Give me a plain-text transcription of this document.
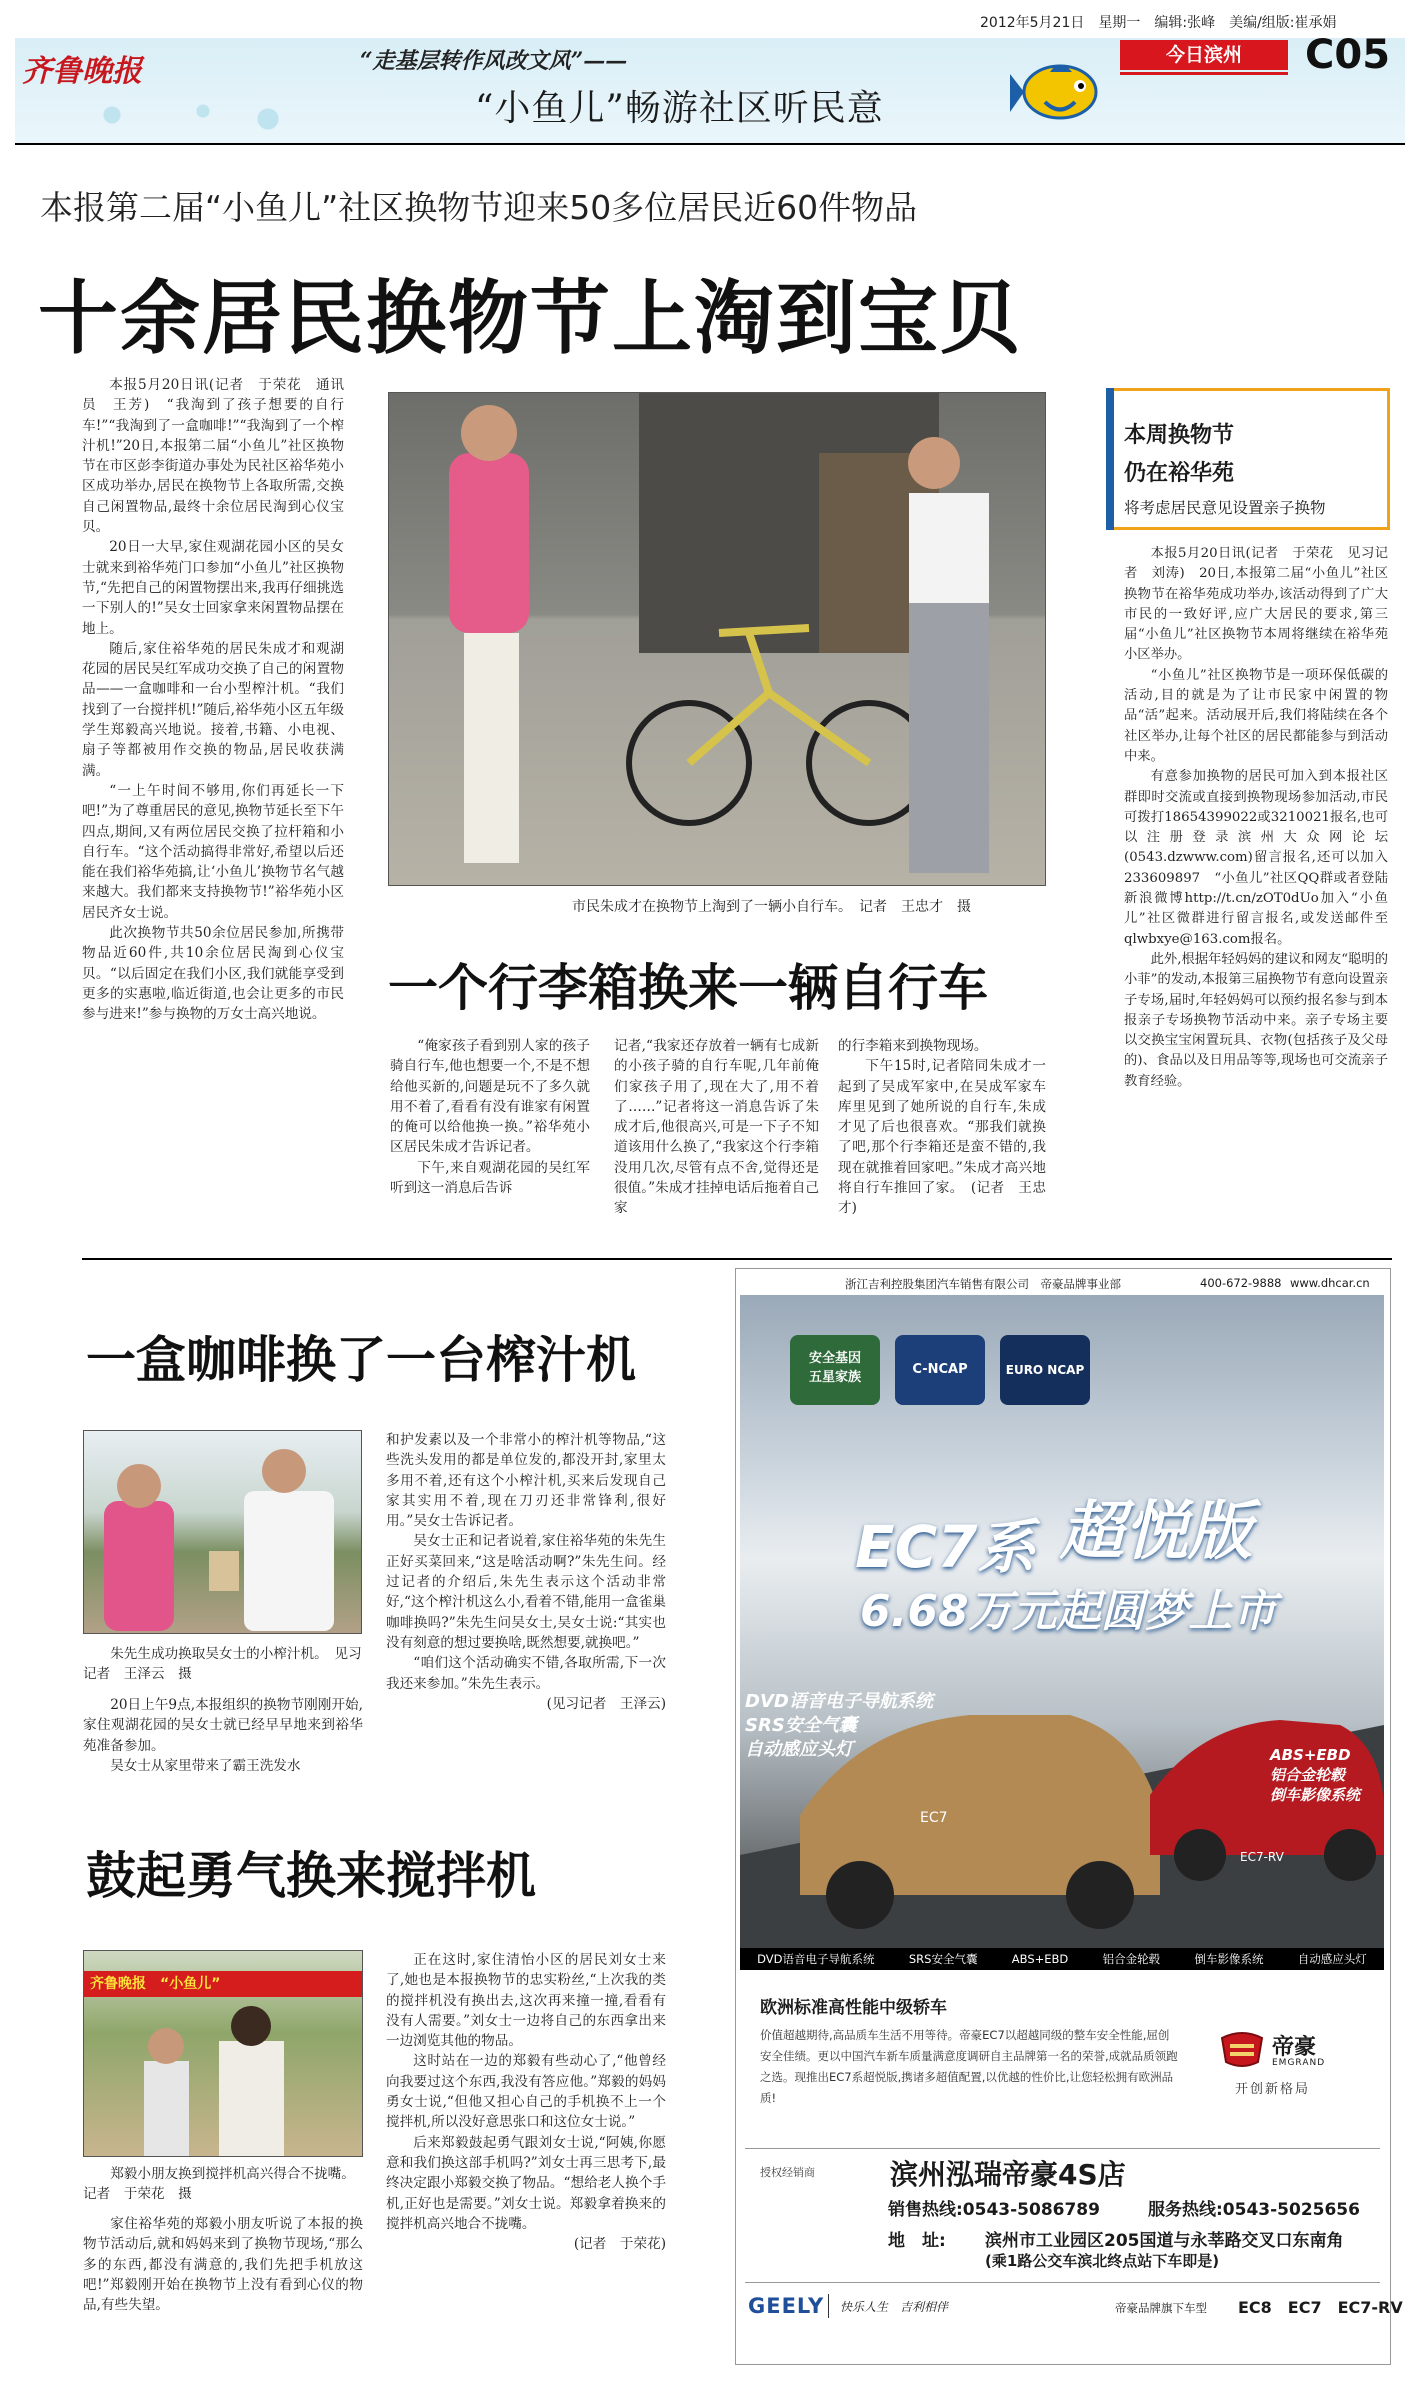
齐鲁晚报	“走基层转作风改文风”——
“小鱼儿”畅游社区听民意
2012年5月21日　星期一　编辑:张峰　美编/组版:崔承娟
今日滨州	C05
本报第二届“小鱼儿”社区换物节迎来50多位居民近60件物品
十余居民换物节上淘到宝贝

本报5月20日讯(记者　于荣花　通讯员　王芳)　“我淘到了孩子想要的自行车!”“我淘到了一盒咖啡!”“我淘到了一个榨汁机!”20日,本报第二届“小鱼儿”社区换物节在市区彭李街道办事处为民社区裕华苑小区成功举办,居民在换物节上各取所需,交换自己闲置物品,最终十余位居民淘到心仪宝贝。

20日一大早,家住观湖花园小区的吴女士就来到裕华苑门口参加“小鱼儿”社区换物节,“先把自己的闲置物摆出来,我再仔细挑选一下别人的!”吴女士回家拿来闲置物品摆在地上。

随后,家住裕华苑的居民朱成才和观湖花园的居民吴红军成功交换了自己的闲置物品——一盒咖啡和一台小型榨汁机。“我们找到了一台搅拌机!”随后,裕华苑小区五年级学生郑毅高兴地说。接着,书籍、小电视、扇子等都被用作交换的物品,居民收获满满。

“一上午时间不够用,你们再延长一下吧!”为了尊重居民的意见,换物节延长至下午四点,期间,又有两位居民交换了拉杆箱和小自行车。“这个活动搞得非常好,希望以后还能在我们裕华苑搞,让‘小鱼儿’换物节名气越来越大。我们都来支持换物节!”裕华苑小区居民齐女士说。

此次换物节共50余位居民参加,所携带物品近60件,共10余位居民淘到心仪宝贝。“以后固定在我们小区,我们就能享受到更多的实惠啦,临近街道,也会让更多的市民参与进来!”参与换物的万女士高兴地说。

市民朱成才在换物节上淘到了一辆小自行车。　记者　王忠才　摄
一个行李箱换来一辆自行车

“俺家孩子看到别人家的孩子骑自行车,他也想要一个,不是不想给他买新的,问题是玩不了多久就用不着了,看看有没有谁家有闲置的俺可以给他换一换。”裕华苑小区居民朱成才告诉记者。

下午,来自观湖花园的吴红军听到这一消息后告诉

记者,“我家还存放着一辆有七成新的小孩子骑的自行车呢,几年前俺们家孩子用了,现在大了,用不着了……”记者将这一消息告诉了朱成才后,他很高兴,可是一下子不知道该用什么换了,“我家这个行李箱没用几次,尽管有点不舍,觉得还是很值。”朱成才挂掉电话后拖着自己家

的行李箱来到换物现场。

下午15时,记者陪同朱成才一起到了吴成军家中,在吴成军家车库里见到了她所说的自行车,朱成才见了后也很喜欢。“那我们就换了吧,那个行李箱还是蛮不错的,我现在就推着回家吧。”朱成才高兴地将自行车推回了家。　(记者　王忠才)

本周换物节
仍在裕华苑
将考虑居民意见设置亲子换物

本报5月20日讯(记者　于荣花　见习记者　刘涛)　20日,本报第二届“小鱼儿”社区换物节在裕华苑成功举办,该活动得到了广大市民的一致好评,应广大居民的要求,第三届“小鱼儿”社区换物节本周将继续在裕华苑小区举办。

“小鱼儿”社区换物节是一项环保低碳的活动,目的就是为了让市民家中闲置的物品“活”起来。活动展开后,我们将陆续在各个社区举办,让每个社区的居民都能参与到活动中来。

有意参加换物的居民可加入到本报社区群即时交流或直接到换物现场参加活动,市民可拨打18654399022或3210021报名,也可以注册登录滨州大众网论坛(0543.dzwww.com)留言报名,还可以加入233609897　“小鱼儿”社区QQ群或者登陆新浪微博http://t.cn/zOT0dUo加入“小鱼儿”社区微群进行留言报名,或发送邮件至qlwbxye@163.com报名。

此外,根据年轻妈妈的建议和网友“聪明的小菲”的发动,本报第三届换物节有意向设置亲子专场,届时,年轻妈妈可以预约报名参与到本报亲子专场换物节活动中来。亲子专场主要以交换宝宝闲置玩具、衣物(包括孩子及父母的)、食品以及日用品等等,现场也可交流亲子教育经验。

一盒咖啡换了一台榨汁机
朱先生成功换取吴女士的小榨汁机。　见习记者　王泽云　摄

20日上午9点,本报组织的换物节刚刚开始,家住观湖花园的吴女士就已经早早地来到裕华苑准备参加。

吴女士从家里带来了霸王洗发水

和护发素以及一个非常小的榨汁机等物品,“这些洗头发用的都是单位发的,都没开封,家里太多用不着,还有这个小榨汁机,买来后发现自己家其实用不着,现在刀刃还非常锋利,很好用。”吴女士告诉记者。

吴女士正和记者说着,家住裕华苑的朱先生正好买菜回来,“这是啥活动啊?”朱先生问。经过记者的介绍后,朱先生表示这个活动非常好,“这个榨汁机这么小,看着不错,能用一盒雀巢咖啡换吗?”朱先生问吴女士,吴女士说:“其实也没有刻意的想过要换啥,既然想要,就换吧。”

“咱们这个活动确实不错,各取所需,下一次我还来参加。”朱先生表示。

(见习记者　王泽云)

鼓起勇气换来搅拌机
齐鲁晚报　“小鱼儿”
郑毅小朋友换到搅拌机高兴得合不拢嘴。　记者　于荣花　摄

家住裕华苑的郑毅小朋友听说了本报的换物节活动后,就和妈妈来到了换物节现场,“那么多的东西,都没有满意的,我们先把手机放这吧!”郑毅刚开始在换物节上没有看到心仪的物品,有些失望。

正在这时,家住清怡小区的居民刘女士来了,她也是本报换物节的忠实粉丝,“上次我的类的搅拌机没有换出去,这次再来撞一撞,看看有没有人需要。”刘女士一边将自己的东西拿出来一边浏览其他的物品。

这时站在一边的郑毅有些动心了,“他曾经向我要过这个东西,我没有答应他。”郑毅的妈妈勇女士说,“但他又担心自己的手机换不上一个搅拌机,所以没好意思张口和这位女士说。”

后来郑毅鼓起勇气跟刘女士说,“阿姨,你愿意和我们换这部手机吗?”刘女士再三思考下,最终决定跟小郑毅交换了物品。“想给老人换个手机,正好也是需要。”刘女士说。郑毅拿着换来的搅拌机高兴地合不拢嘴。

(记者　于荣花)

浙江吉利控股集团汽车销售有限公司　帝豪品牌事业部	400-672-9888 www.dhcar.cn
安全基因
五星家族
C-NCAP	EURO NCAP
EC7系 超悦版
6.68万元起圆梦上市
DVD语音电子导航系统
SRS安全气囊
自动感应头灯	ABS+EBD
铝合金轮毂
倒车影像系统
EC7
EC7-RV
DVD语音电子导航系统	SRS安全气囊	ABS+EBD	铝合金轮毂	倒车影像系统	自动感应头灯
欧洲标准高性能中级轿车
价值超越期待,高品质车生活不用等待。帝豪EC7以超越同级的整车安全性能,屈创安全佳绩。更以中国汽车新车质量满意度调研自主品牌第一名的荣誉,成就品质领跑之选。现推出EC7系超悦版,携诸多超值配置,以优越的性价比,让您轻松拥有欧洲品质!
帝豪
EMGRAND
开创新格局
授权经销商	滨州泓瑞帝豪4S店
销售热线:0543-5086789	服务热线:0543-5025656
地　址: 滨州市工业园区205国道与永莘路交叉口东南角
(乘1路公交车滨北终点站下车即是)
GEELY 快乐人生　吉利相伴	帝豪品牌旗下车型 EC8　EC7　EC7-RV
